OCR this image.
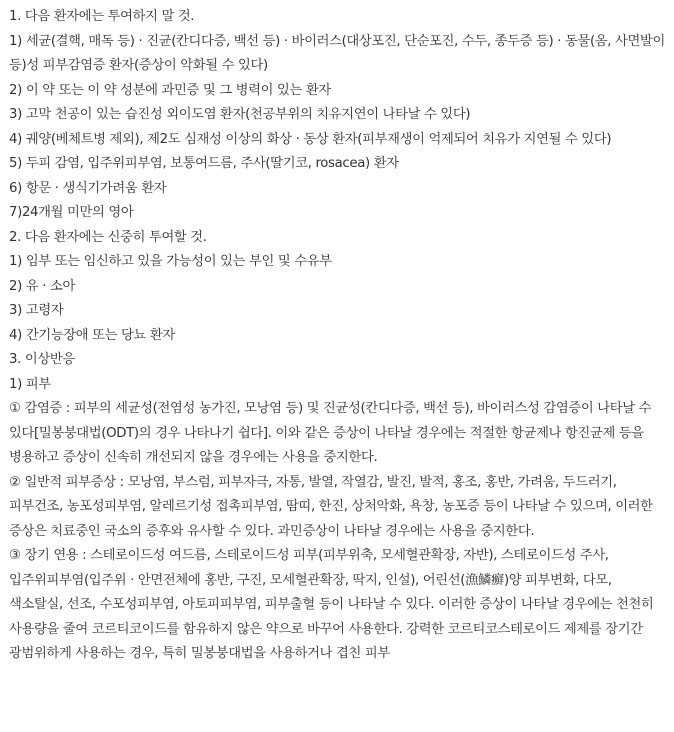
1. 다음 환자에는 투여하지 말 것.

1) 세균(결핵, 매독 등) · 진균(칸디다증, 백선 등) · 바이러스(대상포진, 단순포진, 수두, 종두증 등) · 동물(옴, 사면발이 등)성 피부감염증 환자(증상이 악화될 수 있다)

2) 이 약 또는 이 약 성분에 과민증 및 그 병력이 있는 환자

3) 고막 천공이 있는 습진성 외이도염 환자(천공부위의 치유지연이 나타날 수 있다)

4) 궤양(베체트병 제외), 제2도 심재성 이상의 화상 · 동상 환자(피부재생이 억제되어 치유가 지연될 수 있다)

5) 두피 감염, 입주위피부염, 보통여드름, 주사(딸기코, rosacea) 환자

6) 항문 · 생식기가려움 환자

7)24개월 미만의 영아

2. 다음 환자에는 신중히 투여할 것.

1) 임부 또는 임신하고 있을 가능성이 있는 부인 및 수유부

2) 유 · 소아

3) 고령자

4) 간기능장애 또는 당뇨 환자

3. 이상반응

1) 피부

① 감염증 : 피부의 세균성(전염성 농가진, 모낭염 등) 및 진균성(칸디다증, 백선 등), 바이러스성 감염증이 나타날 수 있다[밀봉붕대법(ODT)의 경우 나타나기 쉽다]. 이와 같은 증상이 나타날 경우에는 적절한 항균제나 항진균제 등을 병용하고 증상이 신속히 개선되지 않을 경우에는 사용을 중지한다.

② 일반적 피부증상 : 모낭염, 부스럼, 피부자극, 자통, 발열, 작열감, 발진, 발적, 홍조, 홍반, 가려움, 두드러기, 피부건조, 농포성피부염, 알레르기성 접촉피부염, 땀띠, 한진, 상처악화, 욕창, 농포증 등이 나타날 수 있으며, 이러한 증상은 치료중인 국소의 증후와 유사할 수 있다. 과민증상이 나타날 경우에는 사용을 중지한다.

③ 장기 연용 : 스테로이드성 여드름, 스테로이드성 피부(피부위축, 모세혈관확장, 자반), 스테로이드성 주사, 입주위피부염(입주위 · 안면전체에 홍반, 구진, 모세혈관확장, 딱지, 인설), 어린선(漁鱗癬)양 피부변화, 다모, 색소탈실, 선조, 수포성피부염, 아토피피부염, 피부출혈 등이 나타날 수 있다. 이러한 증상이 나타날 경우에는 천천히 사용량을 줄여 코르티코이드를 함유하지 않은 약으로 바꾸어 사용한다. 강력한 코르티코스테로이드 제제를 장기간 광범위하게 사용하는 경우, 특히 밀봉붕대법을 사용하거나 겹친 피부
